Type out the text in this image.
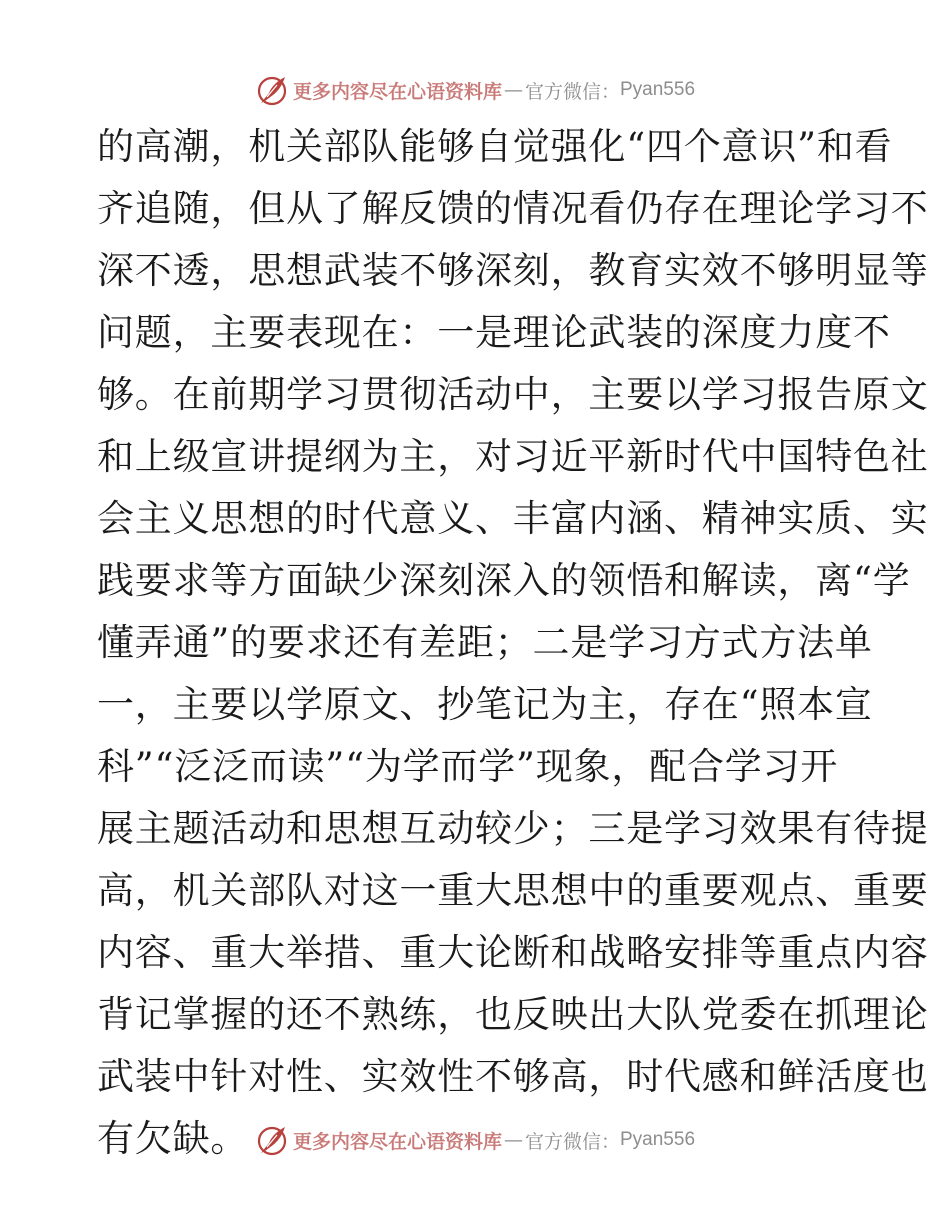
更多内容尽在心语资料库 — 官方微信： Pyan556
的高潮，机关部队能够自觉强化“四个意识”和看
齐追随，但从了解反馈的情况看仍存在理论学习不
深不透，思想武装不够深刻，教育实效不够明显等
问题，主要表现在：一是理论武装的深度力度不
够。在前期学习贯彻活动中，主要以学习报告原文
和上级宣讲提纲为主，对习近平新时代中国特色社
会主义思想的时代意义、丰富内涵、精神实质、实
践要求等方面缺少深刻深入的领悟和解读，离“学
懂弄通”的要求还有差距；二是学习方式方法单
一，主要以学原文、抄笔记为主，存在“照本宣
科”“泛泛而读”“为学而学”现象，配合学习开
展主题活动和思想互动较少；三是学习效果有待提
高，机关部队对这一重大思想中的重要观点、重要
内容、重大举措、重大论断和战略安排等重点内容
背记掌握的还不熟练，也反映出大队党委在抓理论
武装中针对性、实效性不够高，时代感和鲜活度也
有欠缺。	更多内容尽在心语资料库 — 官方微信： Pyan556
